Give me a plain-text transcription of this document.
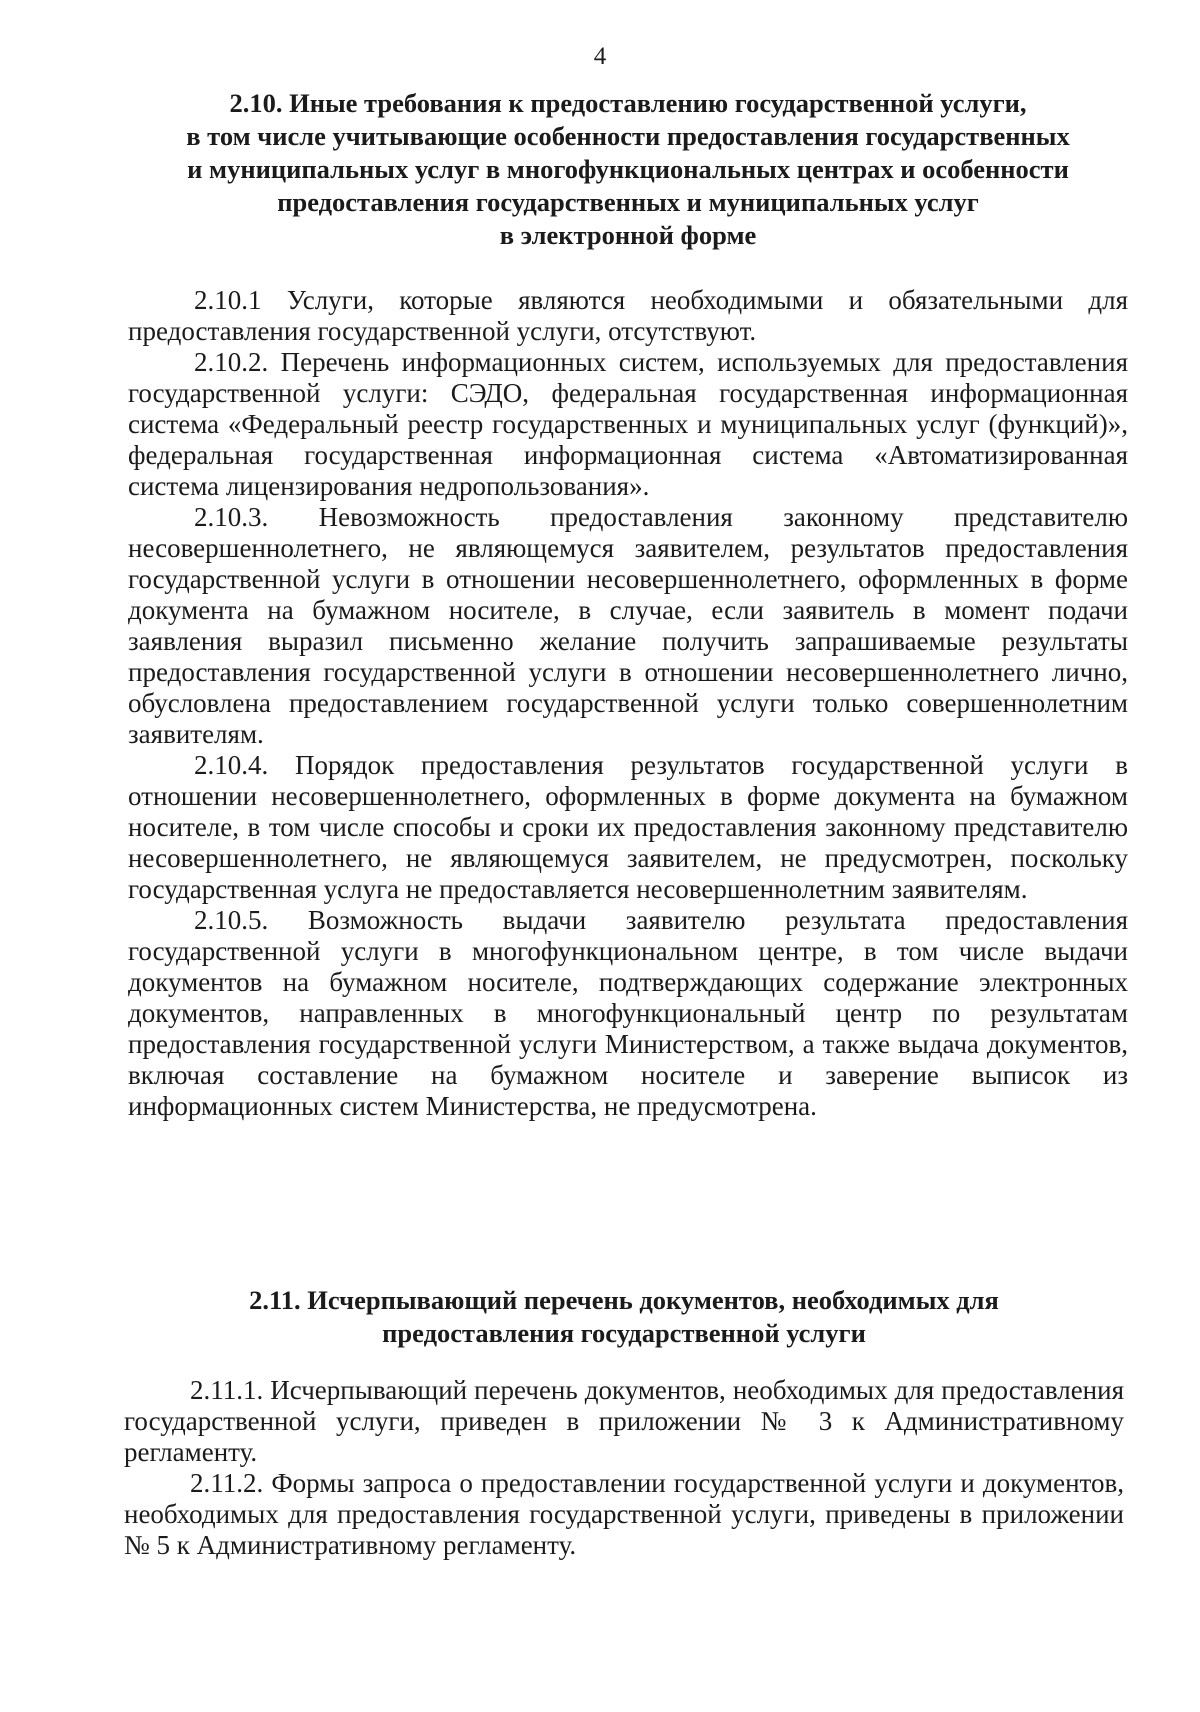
4
2.10. Иные требования к предоставлению государственной услуги,
в том числе учитывающие особенности предоставления государственных
и муниципальных услуг в многофункциональных центрах и особенности
предоставления государственных и муниципальных услуг
в электронной форме

2.10.1 Услуги, которые являются необходимыми и обязательными для предоставления государственной услуги, отсутствуют.

2.10.2. Перечень информационных систем, используемых для предоставления государственной услуги: СЭДО, федеральная государственная информационная система «Федеральный реестр государственных и муниципальных услуг (функций)», федеральная государственная информационная система «Автоматизированная система лицензирования недропользования».

2.10.3. Невозможность предоставления законному представителю несовершеннолетнего, не являющемуся заявителем, результатов предоставления государственной услуги в отношении несовершеннолетнего, оформленных в форме документа на бумажном носителе, в случае, если заявитель в момент подачи заявления выразил письменно желание получить запрашиваемые результаты предоставления государственной услуги в отношении несовершеннолетнего лично, обусловлена предоставлением государственной услуги только совершеннолетним заявителям.

2.10.4. Порядок предоставления результатов государственной услуги в отношении несовершеннолетнего, оформленных в форме документа на бумажном носителе, в том числе способы и сроки их предоставления законному представителю несовершеннолетнего, не являющемуся заявителем, не предусмотрен, поскольку государственная услуга не предоставляется несовершеннолетним заявителям.

2.10.5. Возможность выдачи заявителю результата предоставления государственной услуги в многофункциональном центре, в том числе выдачи документов на бумажном носителе, подтверждающих содержание электронных документов, направленных в многофункциональный центр по результатам предоставления государственной услуги Министерством, а также выдача документов, включая составление на бумажном носителе и заверение выписок из информационных систем Министерства, не предусмотрена.

2.11. Исчерпывающий перечень документов, необходимых для
предоставления государственной услуги

2.11.1. Исчерпывающий перечень документов, необходимых для предоставления государственной услуги, приведен в приложении № 3 к Административному регламенту.

2.11.2. Формы запроса о предоставлении государственной услуги и документов, необходимых для предоставления государственной услуги, приведены в приложении № 5 к Административному регламенту.
